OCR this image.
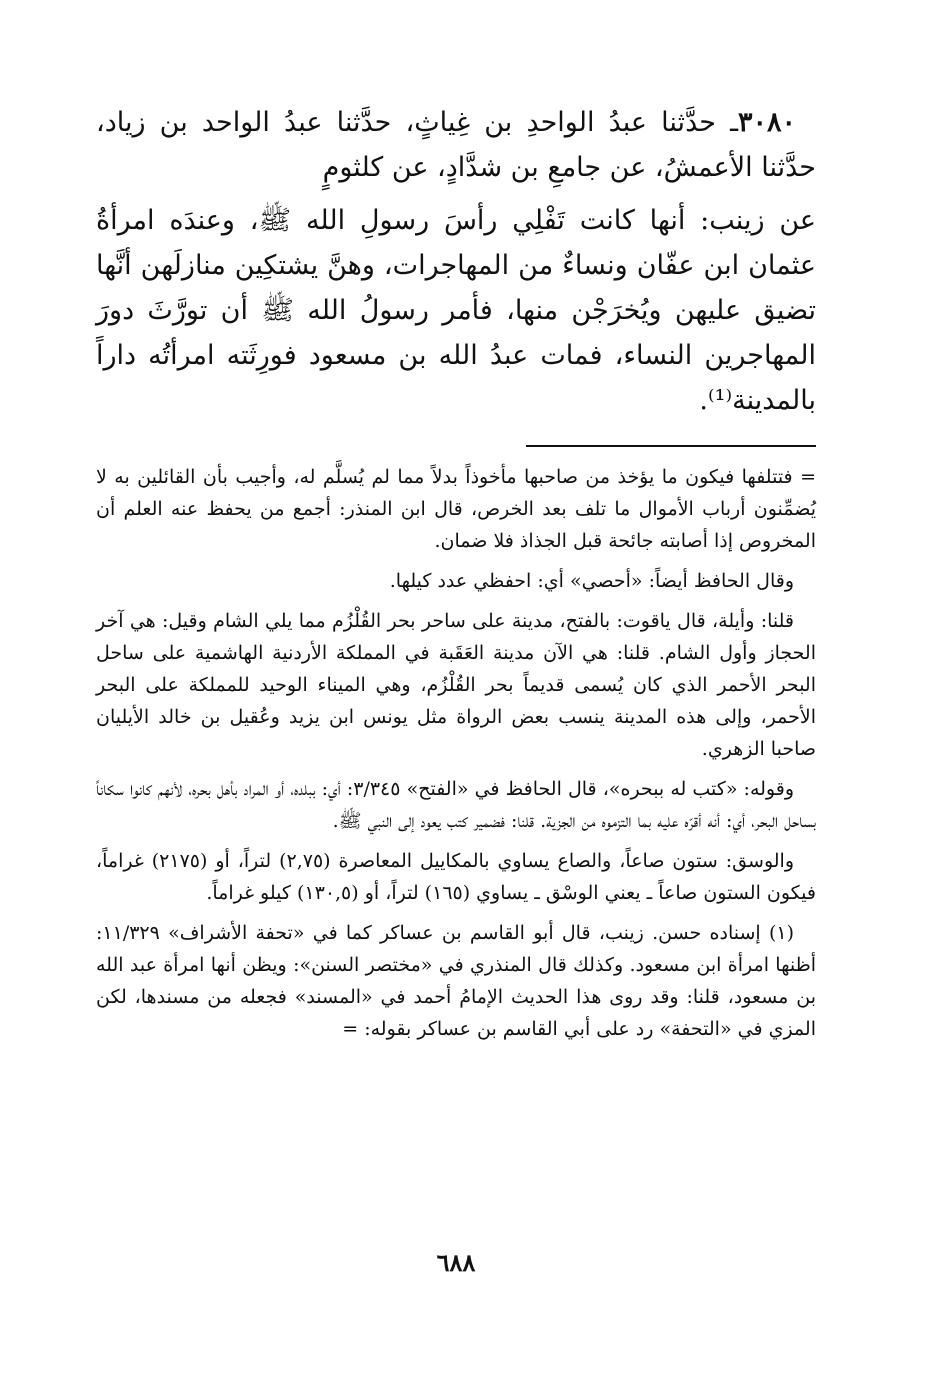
٣٠٨٠ـ حدَّثنا عبدُ الواحدِ بن غِياثٍ، حدَّثنا عبدُ الواحد بن زياد، حدَّثنا الأعمشُ، عن جامعِ بن شدَّادٍ، عن كلثومٍ

عن زينب: أنها كانت تَفْلِي رأسَ رسولِ الله ﷺ، وعندَه امرأةُ عثمان ابن عفّان ونساءٌ من المهاجرات، وهنَّ يشتكِين منازلَهن أنَّها تضيق عليهن ويُخرَجْن منها، فأمر رسولُ الله ﷺ أن تورَّثَ دورَ المهاجرين النساء، فمات عبدُ الله بن مسعود فورِثَته امرأتُه داراً بالمدينة⁽¹⁾.

= فتتلفها فيكون ما يؤخذ من صاحبها مأخوذاً بدلاً مما لم يُسلَّم له، وأجيب بأن القائلين به لا يُضمِّنون أرباب الأموال ما تلف بعد الخرص، قال ابن المنذر: أجمع من يحفظ عنه العلم أن المخروص إذا أصابته جائحة قبل الجذاذ فلا ضمان.

وقال الحافظ أيضاً: «أحصي» أي: احفظي عدد كيلها.

قلنا: وأيلة، قال ياقوت: بالفتح، مدينة على ساحر بحر القُلْزُم مما يلي الشام وقيل: هي آخر الحجاز وأول الشام. قلنا: هي الآن مدينة العَقَبة في المملكة الأردنية الهاشمية على ساحل البحر الأحمر الذي كان يُسمى قديماً بحر القُلْزُم، وهي الميناء الوحيد للمملكة على البحر الأحمر، وإلى هذه المدينة ينسب بعض الرواة مثل يونس ابن يزيد وعُقيل بن خالد الأيليان صاحبا الزهري.

وقوله: «كتب له ببحره»، قال الحافظ في «الفتح» ٣/٣٤٥: أي: ببلده، أو المراد بأهل بحره، لأنهم كانوا سكاناً بساحل البحر، أي: أنه أقرّه عليه بما التزموه من الجزية. قلنا: فضمير كتب يعود إلى النبي ﷺ.

والوسق: ستون صاعاً، والصاع يساوي بالمكاييل المعاصرة (٢,٧٥) لتراً، أو (٢١٧٥) غراماً، فيكون الستون صاعاً ـ يعني الوسْق ـ يساوي (١٦٥) لتراً، أو (١٣٠,٥) كيلو غراماً.

(١) إسناده حسن. زينب، قال أبو القاسم بن عساكر كما في «تحفة الأشراف» ١١/٣٢٩: أظنها امرأة ابن مسعود. وكذلك قال المنذري في «مختصر السنن»: ويظن أنها امرأة عبد الله بن مسعود، قلنا: وقد روى هذا الحديث الإمامُ أحمد في «المسند» فجعله من مسندها، لكن المزي في «التحفة» رد على أبي القاسم بن عساكر بقوله: =

٦٨٨
